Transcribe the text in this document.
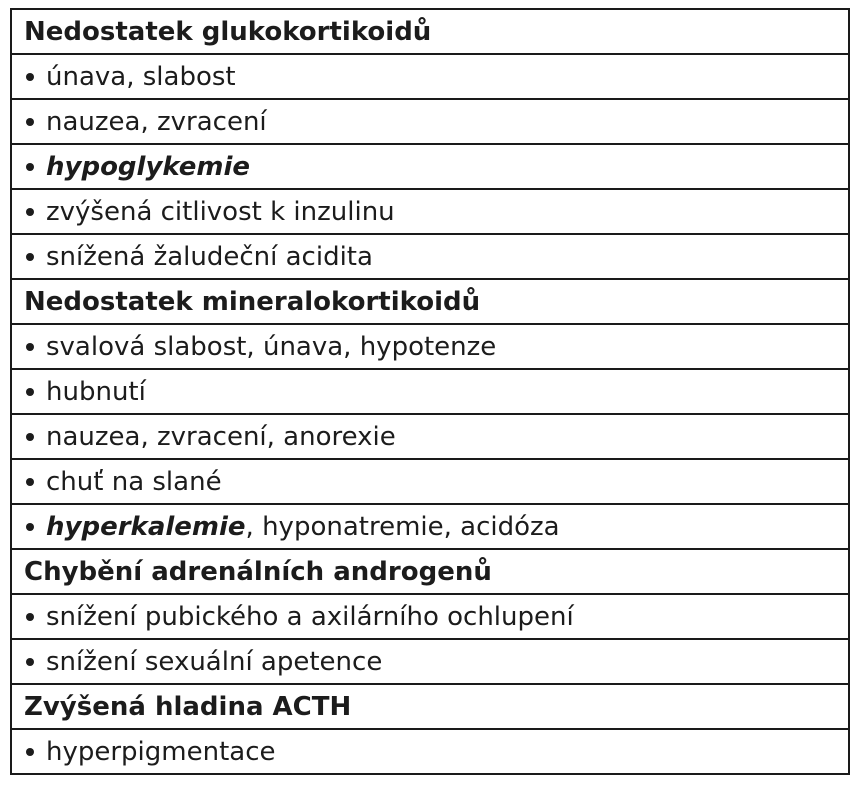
Nedostatek glukokortikoidů
únava, slabost
nauzea, zvracení
hypoglykemie
zvýšená citlivost k inzulinu
snížená žaludeční acidita
Nedostatek mineralokortikoidů
svalová slabost, únava, hypotenze
hubnutí
nauzea, zvracení, anorexie
chuť na slané
hyperkalemie, hyponatremie, acidóza
Chybění adrenálních androgenů
snížení pubického a axilárního ochlupení
snížení sexuální apetence
Zvýšená hladina ACTH
hyperpigmentace
